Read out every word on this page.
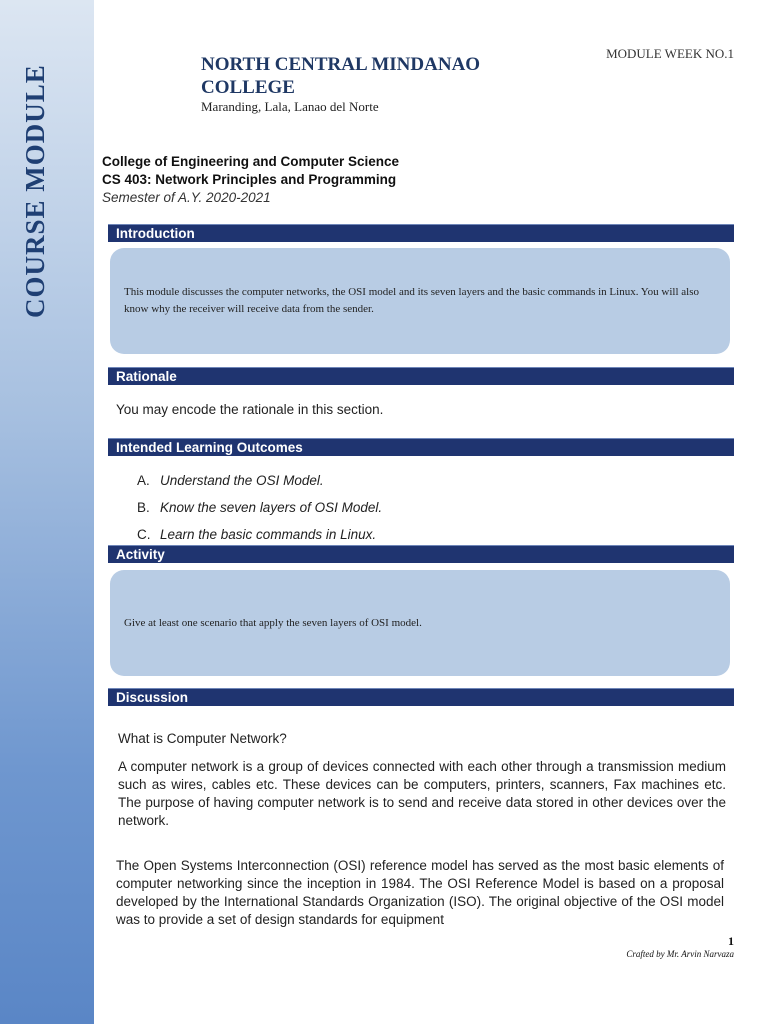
COURSE MODULE	NORTH CENTRAL MINDANAO COLLEGE
Maranding, Lala, Lanao del Norte
MODULE WEEK NO.1
College of Engineering and Computer Science
CS 403: Network Principles and Programming
Semester of A.Y. 2020-2021
Introduction
This module discusses the computer networks, the OSI model and its seven layers and the basic commands in Linux. You will also know why the receiver will receive data from the sender.
Rationale
You may encode the rationale in this section.
Intended Learning Outcomes
A. Understand the OSI Model.
B. Know the seven layers of OSI Model.
C. Learn the basic commands in Linux.
Activity
Give at least one scenario that apply the seven layers of OSI model.
Discussion
What is Computer Network?
A computer network is a group of devices connected with each other through a transmission medium such as wires, cables etc. These devices can be computers, printers, scanners, Fax machines etc. The purpose of having computer network is to send and receive data stored in other devices over the network.
The Open Systems Interconnection (OSI) reference model has served as the most basic elements of computer networking since the inception in 1984. The OSI Reference Model is based on a proposal developed by the International Standards Organization (ISO). The original objective of the OSI model was to provide a set of design standards for equipment
1
Crafted by Mr. Arvin Narvaza
